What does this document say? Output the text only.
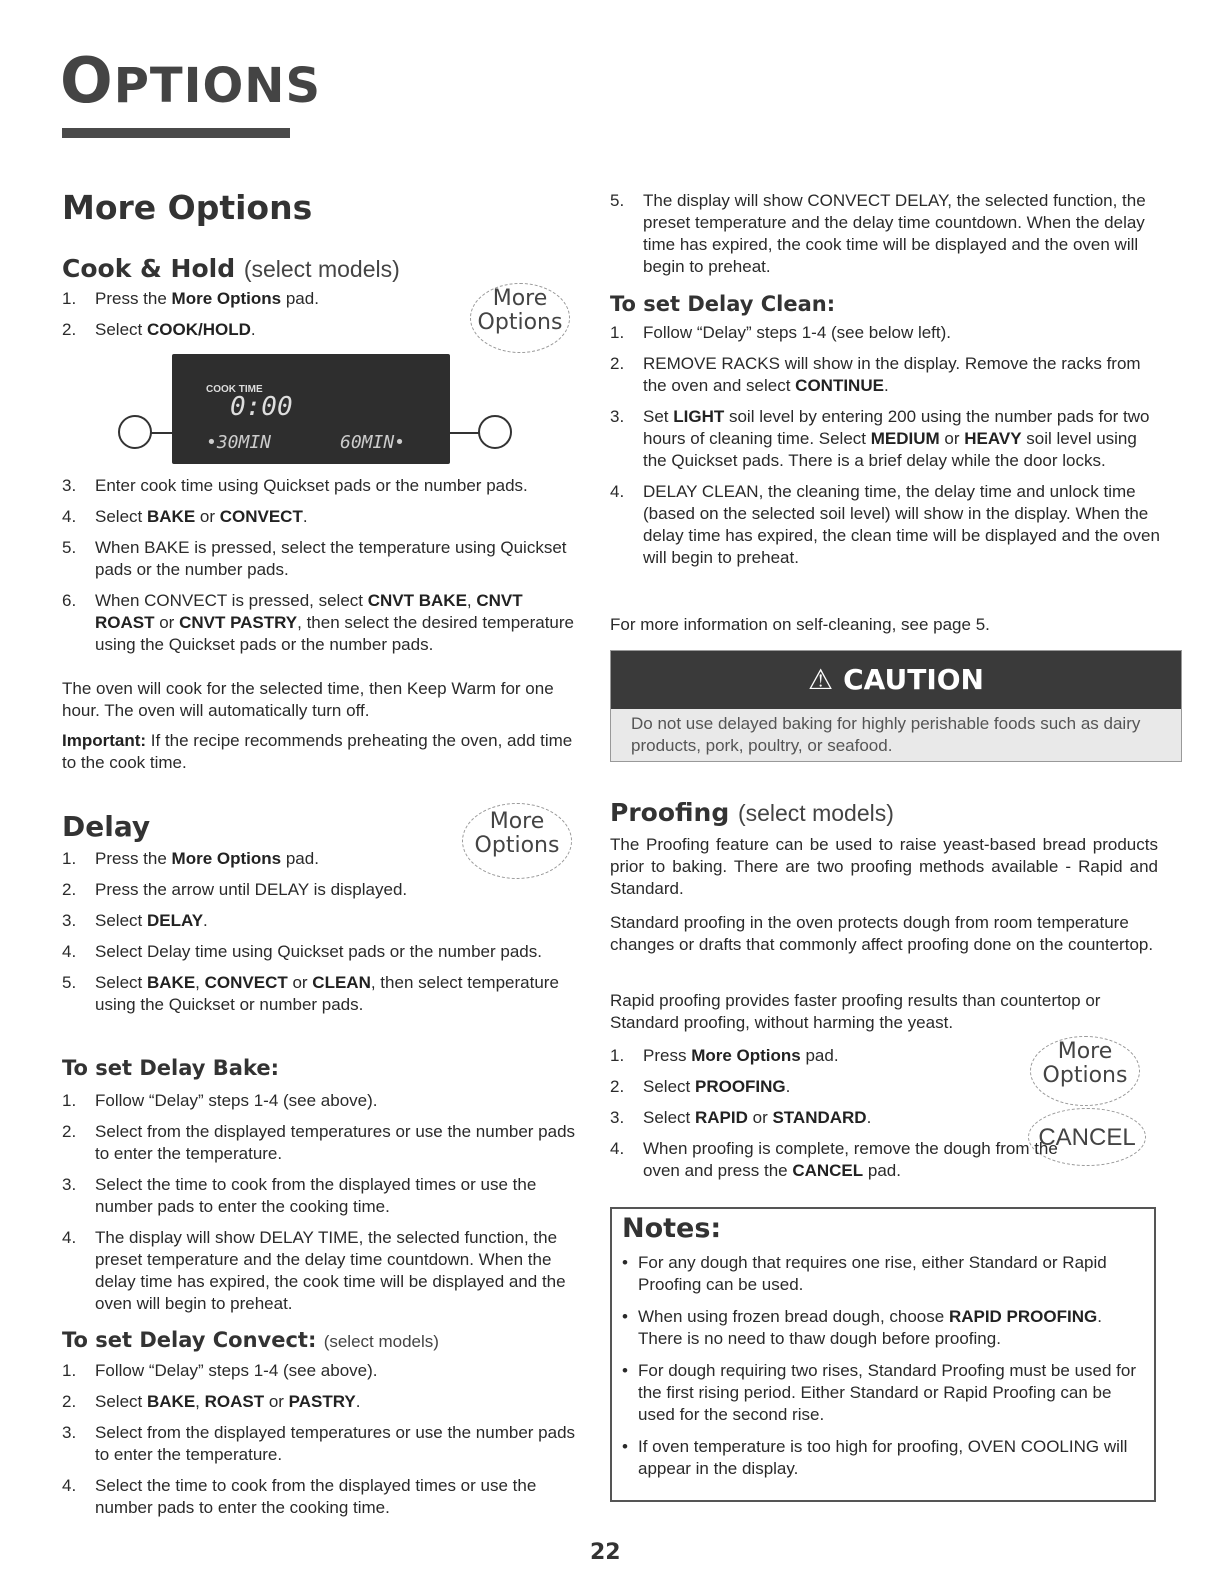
OPTIONS
More Options
Cook & Hold (select models)
More
Options
1. Press the More Options pad.
2. Select COOK/HOLD.
COOK TIME
0:00
•30MIN	60MIN•
3. Enter cook time using Quickset pads or the number pads.
4. Select BAKE or CONVECT.
5. When BAKE is pressed, select the temperature using Quickset pads or the number pads.
6. When CONVECT is pressed, select CNVT BAKE, CNVT ROAST or CNVT PASTRY, then select the desired temperature using the Quickset pads or the number pads.
The oven will cook for the selected time, then Keep Warm for one hour. The oven will automatically turn off.
Important: If the recipe recommends preheating the oven, add time to the cook time.
Delay	More
Options
1. Press the More Options pad.
2. Press the arrow until DELAY is displayed.
3. Select DELAY.
4. Select Delay time using Quickset pads or the number pads.
5. Select BAKE, CONVECT or CLEAN, then select temperature using the Quickset or number pads.
To set Delay Bake:
1. Follow “Delay” steps 1-4 (see above).
2. Select from the displayed temperatures or use the number pads to enter the temperature.
3. Select the time to cook from the displayed times or use the number pads to enter the cooking time.
4. The display will show DELAY TIME, the selected function, the preset temperature and the delay time countdown. When the delay time has expired, the cook time will be displayed and the oven will begin to preheat.
To set Delay Convect: (select models)
1. Follow “Delay” steps 1-4 (see above).
2. Select BAKE, ROAST or PASTRY.
3. Select from the displayed temperatures or use the number pads to enter the temperature.
4. Select the time to cook from the displayed times or use the number pads to enter the cooking time.
5. The display will show CONVECT DELAY, the selected function, the preset temperature and the delay time countdown. When the delay time has expired, the cook time will be displayed and the oven will begin to preheat.
To set Delay Clean:
1. Follow “Delay” steps 1-4 (see below left).
2. REMOVE RACKS will show in the display. Remove the racks from the oven and select CONTINUE.
3. Set LIGHT soil level by entering 200 using the number pads for two hours of cleaning time. Select MEDIUM or HEAVY soil level using the Quickset pads. There is a brief delay while the door locks.
4. DELAY CLEAN, the cleaning time, the delay time and unlock time (based on the selected soil level) will show in the display. When the delay time has expired, the clean time will be displayed and the oven will begin to preheat.
For more information on self-cleaning, see page 5.
⚠ CAUTION
Do not use delayed baking for highly perishable foods such as dairy products, pork, poultry, or seafood.
Proofing (select models)
The Proofing feature can be used to raise yeast-based bread products prior to baking. There are two proofing methods available - Rapid and Standard.
Standard proofing in the oven protects dough from room temperature changes or drafts that commonly affect proofing done on the countertop.
Rapid proofing provides faster proofing results than countertop or Standard proofing, without harming the yeast.
More
Options
CANCEL
1. Press More Options pad.
2. Select PROOFING.
3. Select RAPID or STANDARD.
4. When proofing is complete, remove the dough from the oven and press the CANCEL pad.
Notes:
• For any dough that requires one rise, either Standard or Rapid Proofing can be used.
• When using frozen bread dough, choose RAPID PROOFING. There is no need to thaw dough before proofing.
• For dough requiring two rises, Standard Proofing must be used for the first rising period. Either Standard or Rapid Proofing can be used for the second rise.
• If oven temperature is too high for proofing, OVEN COOLING will appear in the display.
22
